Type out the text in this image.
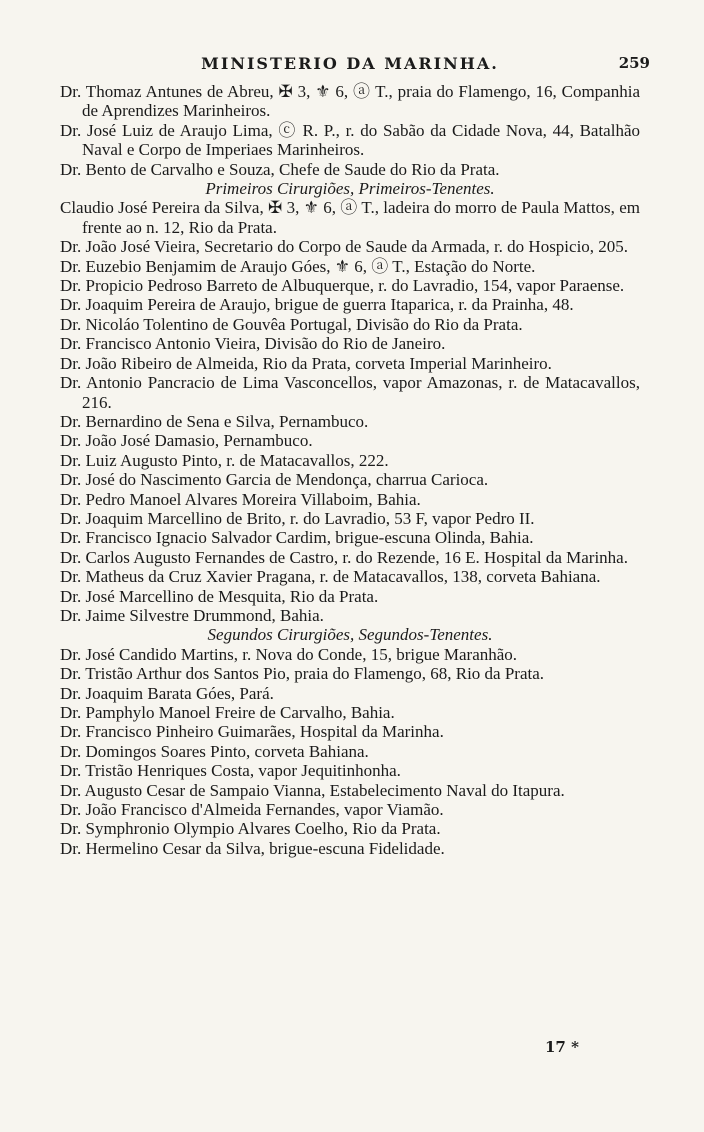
MINISTERIO DA MARINHA.	259

Dr. Thomaz Antunes de Abreu, ✠ 3, ⚜ 6, ⓐ T., praia do Flamengo, 16, Companhia de Aprendizes Marinheiros.

Dr. José Luiz de Araujo Lima, ⓒ R. P., r. do Sabão da Cidade Nova, 44, Batalhão Naval e Corpo de Imperiaes Marinheiros.

Dr. Bento de Carvalho e Souza, Chefe de Saude do Rio da Prata.

Primeiros Cirurgiões, Primeiros-Tenentes.

Claudio José Pereira da Silva, ✠ 3, ⚜ 6, ⓐ T., ladeira do morro de Paula Mattos, em frente ao n. 12, Rio da Prata.

Dr. João José Vieira, Secretario do Corpo de Saude da Armada, r. do Hospicio, 205.

Dr. Euzebio Benjamim de Araujo Góes, ⚜ 6, ⓐ T., Estação do Norte.

Dr. Propicio Pedroso Barreto de Albuquerque, r. do Lavradio, 154, vapor Paraense.

Dr. Joaquim Pereira de Araujo, brigue de guerra Itaparica, r. da Prainha, 48.

Dr. Nicoláo Tolentino de Gouvêa Portugal, Divisão do Rio da Prata.

Dr. Francisco Antonio Vieira, Divisão do Rio de Janeiro.

Dr. João Ribeiro de Almeida, Rio da Prata, corveta Imperial Marinheiro.

Dr. Antonio Pancracio de Lima Vasconcellos, vapor Amazonas, r. de Matacavallos, 216.

Dr. Bernardino de Sena e Silva, Pernambuco.

Dr. João José Damasio, Pernambuco.

Dr. Luiz Augusto Pinto, r. de Matacavallos, 222.

Dr. José do Nascimento Garcia de Mendonça, charrua Carioca.

Dr. Pedro Manoel Alvares Moreira Villaboim, Bahia.

Dr. Joaquim Marcellino de Brito, r. do Lavradio, 53 F, vapor Pedro II.

Dr. Francisco Ignacio Salvador Cardim, brigue-escuna Olinda, Bahia.

Dr. Carlos Augusto Fernandes de Castro, r. do Rezende, 16 E. Hospital da Marinha.

Dr. Matheus da Cruz Xavier Pragana, r. de Matacavallos, 138, corveta Bahiana.

Dr. José Marcellino de Mesquita, Rio da Prata.

Dr. Jaime Silvestre Drummond, Bahia.

Segundos Cirurgiões, Segundos-Tenentes.

Dr. José Candido Martins, r. Nova do Conde, 15, brigue Maranhão.

Dr. Tristão Arthur dos Santos Pio, praia do Flamengo, 68, Rio da Prata.

Dr. Joaquim Barata Góes, Pará.

Dr. Pamphylo Manoel Freire de Carvalho, Bahia.

Dr. Francisco Pinheiro Guimarães, Hospital da Marinha.

Dr. Domingos Soares Pinto, corveta Bahiana.

Dr. Tristão Henriques Costa, vapor Jequitinhonha.

Dr. Augusto Cesar de Sampaio Vianna, Estabelecimento Naval do Itapura.

Dr. João Francisco d'Almeida Fernandes, vapor Viamão.

Dr. Symphronio Olympio Alvares Coelho, Rio da Prata.

Dr. Hermelino Cesar da Silva, brigue-escuna Fidelidade.

17 *
